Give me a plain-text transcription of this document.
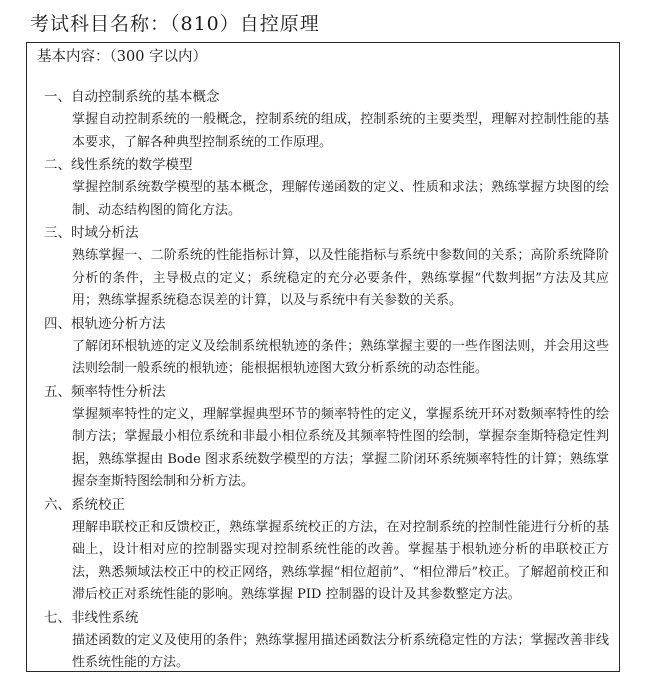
考试科目名称：（810）自控原理
基本内容：（300 字以内）
一、自动控制系统的基本概念
掌握自动控制系统的一般概念，控制系统的组成，控制系统的主要类型，理解对控制性能的基本要求，了解各种典型控制系统的工作原理。
二、线性系统的数学模型
掌握控制系统数学模型的基本概念，理解传递函数的定义、性质和求法；熟练掌握方块图的绘制、动态结构图的简化方法。
三、时域分析法
熟练掌握一、二阶系统的性能指标计算，以及性能指标与系统中参数间的关系；高阶系统降阶分析的条件，主导极点的定义；系统稳定的充分必要条件，熟练掌握“代数判据”方法及其应用；熟练掌握系统稳态误差的计算，以及与系统中有关参数的关系。
四、根轨迹分析方法
了解闭环根轨迹的定义及绘制系统根轨迹的条件；熟练掌握主要的一些作图法则，并会用这些法则绘制一般系统的根轨迹；能根据根轨迹图大致分析系统的动态性能。
五、频率特性分析法
掌握频率特性的定义，理解掌握典型环节的频率特性的定义，掌握系统开环对数频率特性的绘制方法；掌握最小相位系统和非最小相位系统及其频率特性图的绘制，掌握奈奎斯特稳定性判据，熟练掌握由 Bode 图求系统数学模型的方法；掌握二阶闭环系统频率特性的计算；熟练掌握奈奎斯特图绘制和分析方法。
六、系统校正
理解串联校正和反馈校正，熟练掌握系统校正的方法，在对控制系统的控制性能进行分析的基础上，设计相对应的控制器实现对控制系统性能的改善。掌握基于根轨迹分析的串联校正方法，熟悉频域法校正中的校正网络，熟练掌握“相位超前”、“相位滞后”校正。了解超前校正和滞后校正对系统性能的影响。熟练掌握 PID 控制器的设计及其参数整定方法。
七、非线性系统
描述函数的定义及使用的条件；熟练掌握用描述函数法分析系统稳定性的方法；掌握改善非线性系统性能的方法。
